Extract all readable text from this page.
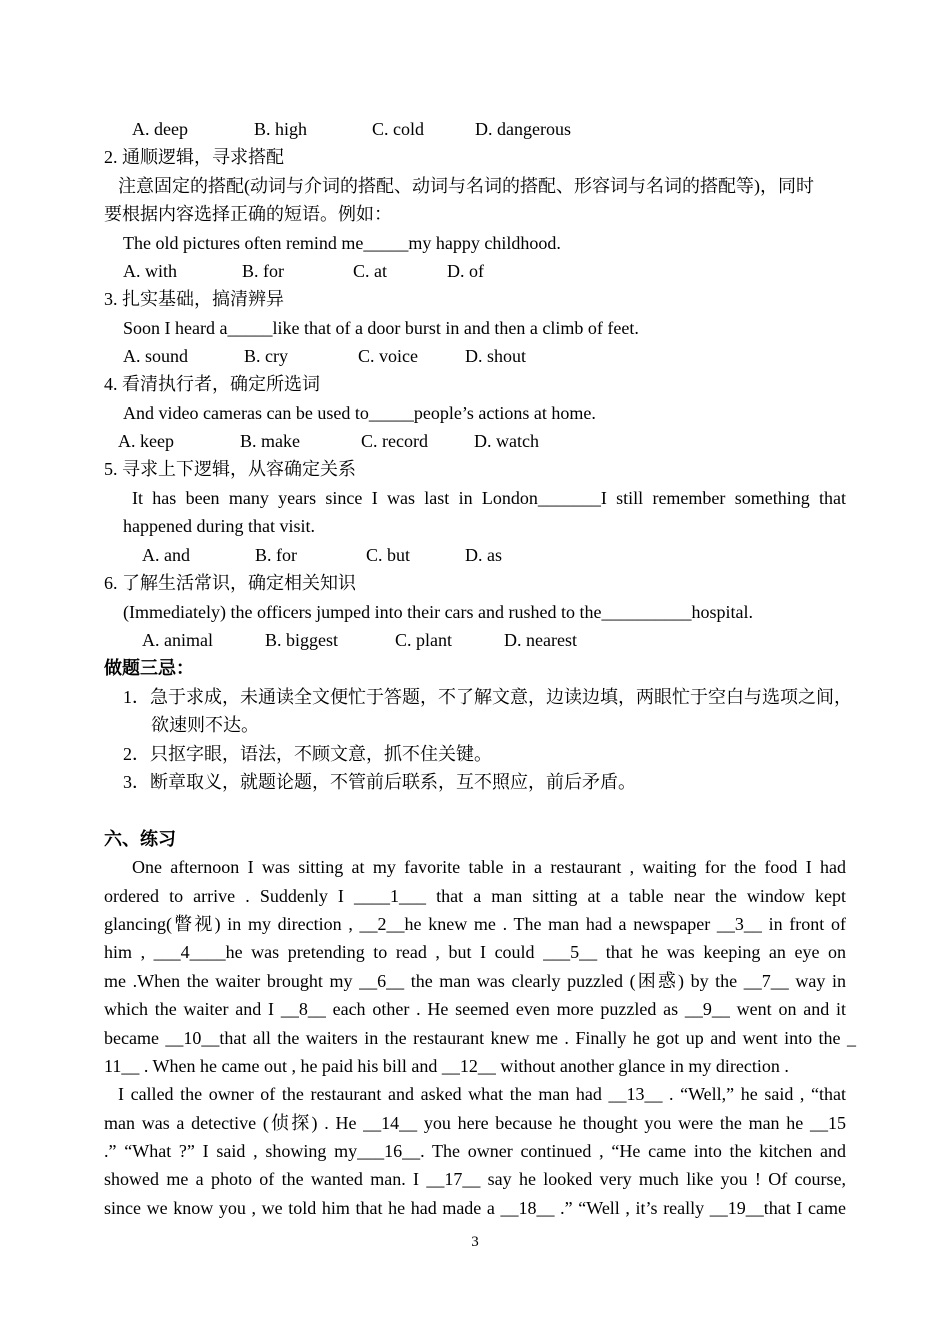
A. deep	B. high	C. cold	D. dangerous
2. 通顺逻辑，寻求搭配
注意固定的搭配(动词与介词的搭配、动词与名词的搭配、形容词与名词的搭配等)，同时
要根据内容选择正确的短语。例如：
The old pictures often remind me_____my happy childhood.
A. with	B. for	C. at	D. of
3. 扎实基础，搞清辨异
Soon I heard a_____like that of a door burst in and then a climb of feet.
A. sound	B. cry	C. voice	D. shout
4. 看清执行者，确定所选词
And video cameras can be used to_____people’s actions at home.
A. keep	B. make	C. record	D. watch
5. 寻求上下逻辑，从容确定关系
It has been many years since I was last in London_______I still remember something that
happened during that visit.
A. and	B. for	C. but	D. as
6. 了解生活常识，确定相关知识
(Immediately) the officers jumped into their cars and rushed to the__________hospital.
A. animal	B. biggest	C. plant	D. nearest
做题三忌：
1．急于求成，未通读全文便忙于答题，不了解文意，边读边填，两眼忙于空白与选项之间，
欲速则不达。
2．只抠字眼，语法，不顾文意，抓不住关键。
3．断章取义，就题论题，不管前后联系，互不照应，前后矛盾。
六、练习
One afternoon I was sitting at my favorite table in a restaurant , waiting for the food I had
ordered to arrive . Suddenly I ____1___ that a man sitting at a table near the window kept
glancing(瞥视) in my direction , __2__he knew me . The man had a newspaper __3__ in front of
him , ___4____he was pretending to read , but I could ___5__ that he was keeping an eye on
me .When the waiter brought my __6__ the man was clearly puzzled (困惑) by the __7__ way in
which the waiter and I __8__ each other . He seemed even more puzzled as __9__ went on and it
became __10__that all the waiters in the restaurant knew me . Finally he got up and went into the _
11__ . When he came out , he paid his bill and __12__ without another glance in my direction .
I called the owner of the restaurant and asked what the man had __13__ . “Well,” he said , “that
man was a detective (侦探) . He __14__ you here because he thought you were the man he __15
.” “What ?” I said , showing my___16__. The owner continued , “He came into the kitchen and
showed me a photo of the wanted man. I __17__ say he looked very much like you ! Of course,
since we know you , we told him that he had made a __18__ .” “Well , it’s really __19__that I came
3
